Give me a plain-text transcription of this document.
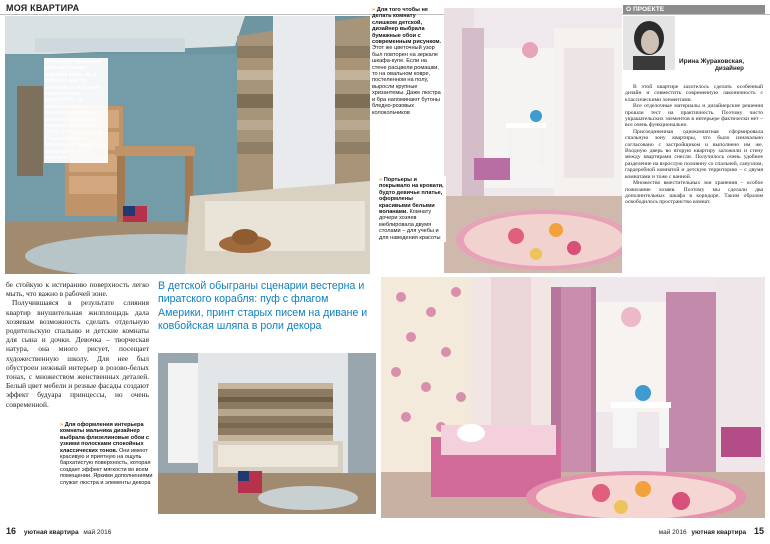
МОЯ КВАРТИРА
В комнате мальчика есть не только игровая зона, но и рабочее место. Учебники и любимые книжки можно разместить на открытых полках шкафчика. Мебель в немного грубоватой мужской стилистике была куплена готовой. Поддерживает тематику интерьера и пошитый на заказ текстиль
» Для того чтобы не делать комнату слишком детской, дизайнер выбрала бумажные обои с современным рисунком. Этот же цветочный узор был повторен на зеркале шкафа-купе. Если на стене расцвели ромашки, то на овальном ковре, постеленном на полу, выросли крупные хризантемы. Даже люстра и бра напоминают бутоны бледно-розовых колокольчиков
» Портьеры и покрывало на кровати, будто девичье платье, оформлены красивыми белыми воланами. Комнату дочери хозяев меблировала двумя столами – для учебы и для наведения красоты
О ПРОЕКТЕ
Ирина Журакoвская,
дизайнер
В этой квартире захотелось сделать особенный дизайн и совместить современную лаконичность с классическими элементами.
Все отделочные материалы и дизайнерские решения прошли тест на практичность. Поэтому чисто украшательских элементов в интерьере фактически нет – все очень функционально.
Присоединенная однокомнатная сформировала спальную зону квартиры, что было изначально согласовано с застройщиком и выполнено им же. Входную дверь во вторую квартиру заложили и стену между квартирами снесли. Получилось очень удобное разделение на взрослую половину со спальней, санузлом, гардеробной комнатой и детскую территорию – с двумя комнатами и тоже с ванной.
Множество вместительных зон хранения – особое пожелание хозяев. Поэтому мы сделали два дополнительных шкафа в коридоре. Таким образом освободилось пространство комнат.
бе стойкую к истиранию поверхность легко мыть, что важно в рабочей зоне.
Получившаяся в результате слияния квартир внушительная жилплощадь дала хозяевам возможность сделать отдельную родительскую спальню и детские комнаты для сына и дочки. Девочка – творческая натура, она много рисует, посещает художественную школу. Для нее был обустроен нежный интерьер в розово-белых тонах, с множеством женственных деталей. Белый цвет мебели и резные фасады создают эффект будуара принцессы, но очень современной.
В детской обыграны сценарии вестерна и пиратского корабля: пуф с флагом Америки, принт старых писем на диване и ковбойская шляпа в роли декора
» Для оформления интерьера комнаты мальчика дизайнер выбрала флизелиновые обои с узкими полосками спокойных классических тонов. Они имеют красивую и приятную на ощупь бархатистую поверхность, которая создает эффект мягкости во всем помещении. Яркими дополнениями служат люстра и элементы декора
16 уютная квартира май 2016	май 2016 уютная квартира 15
